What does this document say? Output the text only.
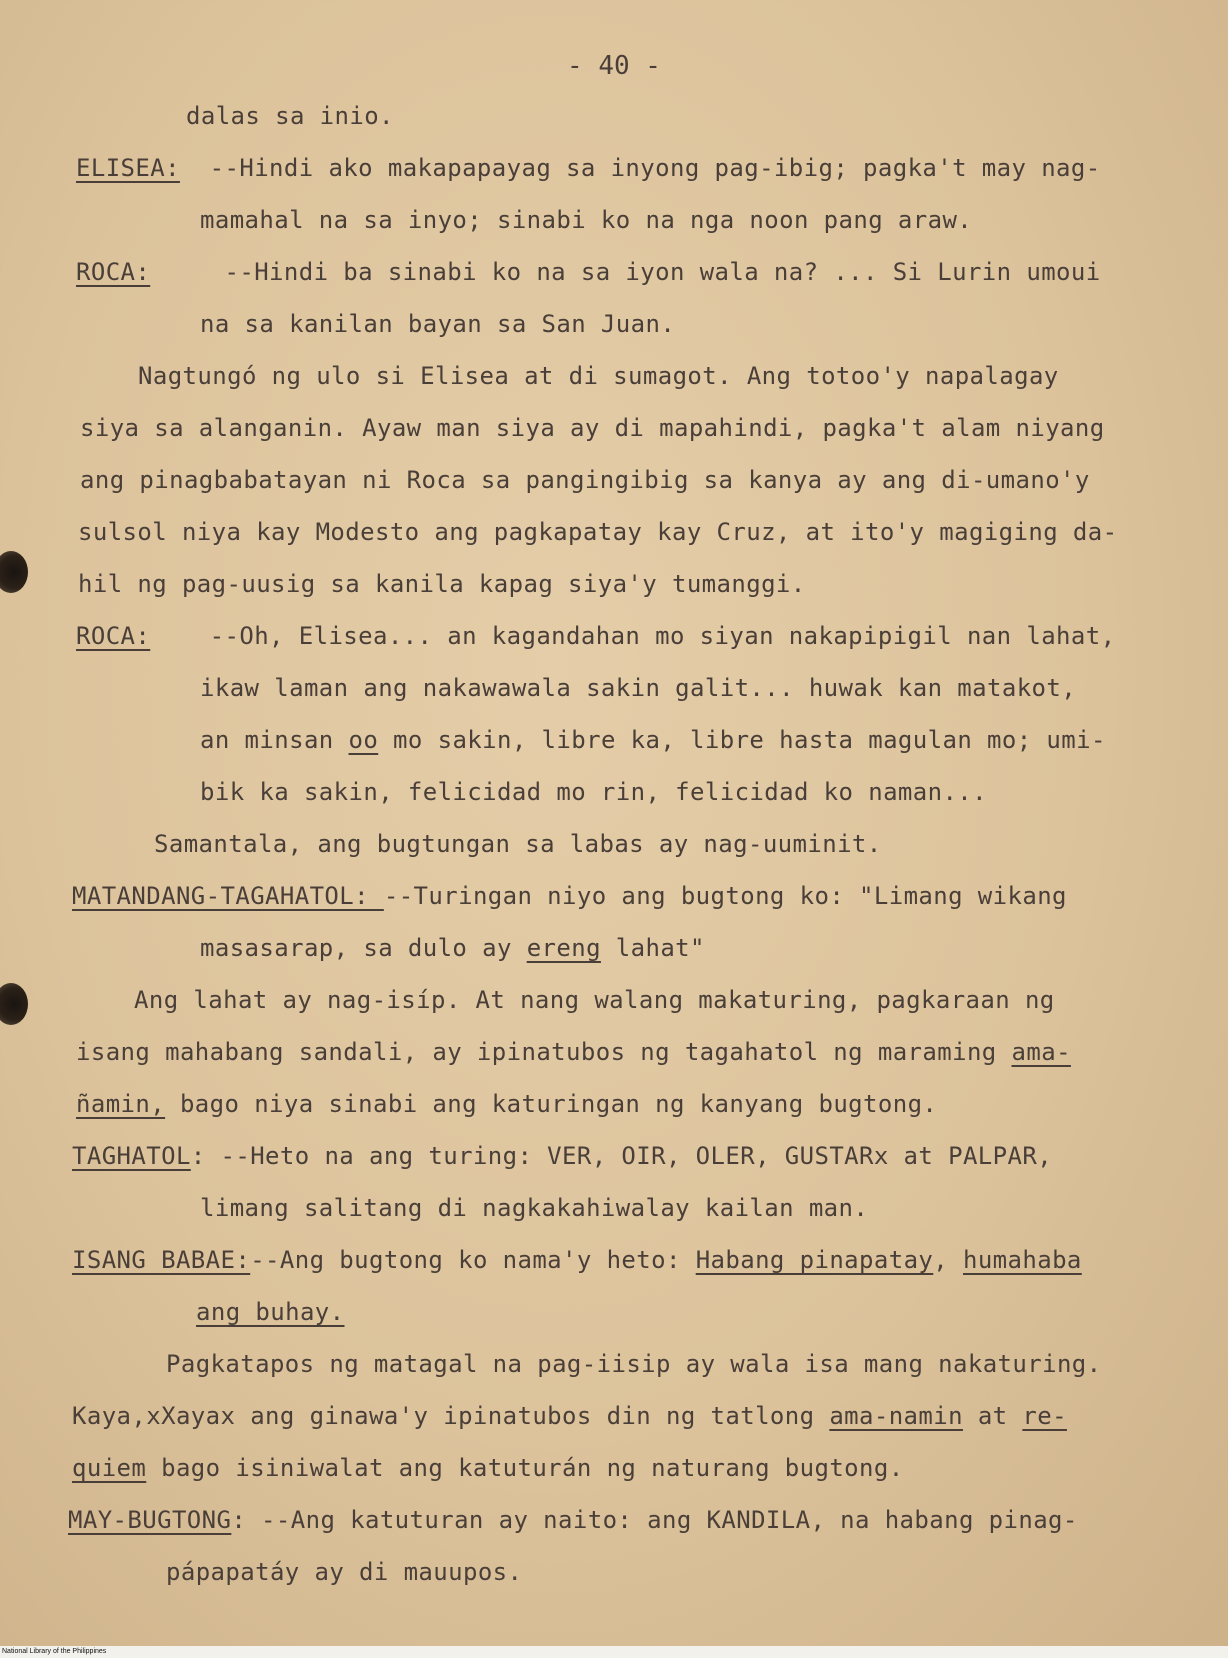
- 40 -
dalas sa inio.
ELISEA:  --Hindi ako makapapayag sa inyong pag-ibig; pagka't may nag-
mamahal na sa inyo; sinabi ko na nga noon pang araw.
ROCA:     --Hindi ba sinabi ko na sa iyon wala na? ... Si Lurin umoui
na sa kanilan bayan sa San Juan.
Nagtungó ng ulo si Elisea at di sumagot. Ang totoo'y napalagay
siya sa alanganin. Ayaw man siya ay di mapahindi, pagka't alam niyang
ang pinagbabatayan ni Roca sa pangingibig sa kanya ay ang di-umano'y
sulsol niya kay Modesto ang pagkapatay kay Cruz, at ito'y magiging da-
hil ng pag-uusig sa kanila kapag siya'y tumanggi.
ROCA:    --Oh, Elisea... an kagandahan mo siyan nakapipigil nan lahat,
ikaw laman ang nakawawala sakin galit... huwak kan matakot,
an minsan oo mo sakin, libre ka, libre hasta magulan mo; umi-
bik ka sakin, felicidad mo rin, felicidad ko naman...
Samantala, ang bugtungan sa labas ay nag-uuminit.
MATANDANG-TAGAHATOL: --Turingan niyo ang bugtong ko: "Limang wikang
masasarap, sa dulo ay ereng lahat"
Ang lahat ay nag-isíp. At nang walang makaturing, pagkaraan ng
isang mahabang sandali, ay ipinatubos ng tagahatol ng maraming ama-
ñamin, bago niya sinabi ang katuringan ng kanyang bugtong.
TAGHATOL: --Heto na ang turing: VER, OIR, OLER, GUSTARx at PALPAR,
limang salitang di nagkakahiwalay kailan man.
ISANG BABAE:--Ang bugtong ko nama'y heto: Habang pinapatay, humahaba
ang buhay.
Pagkatapos ng matagal na pag-iisip ay wala isa mang nakaturing.
Kaya,xXayax ang ginawa'y ipinatubos din ng tatlong ama-namin at re-
quiem bago isiniwalat ang katuturán ng naturang bugtong.
MAY-BUGTONG: --Ang katuturan ay naito: ang KANDILA, na habang pinag-
pápapatáy ay di mauupos.
National Library of the Philippines
